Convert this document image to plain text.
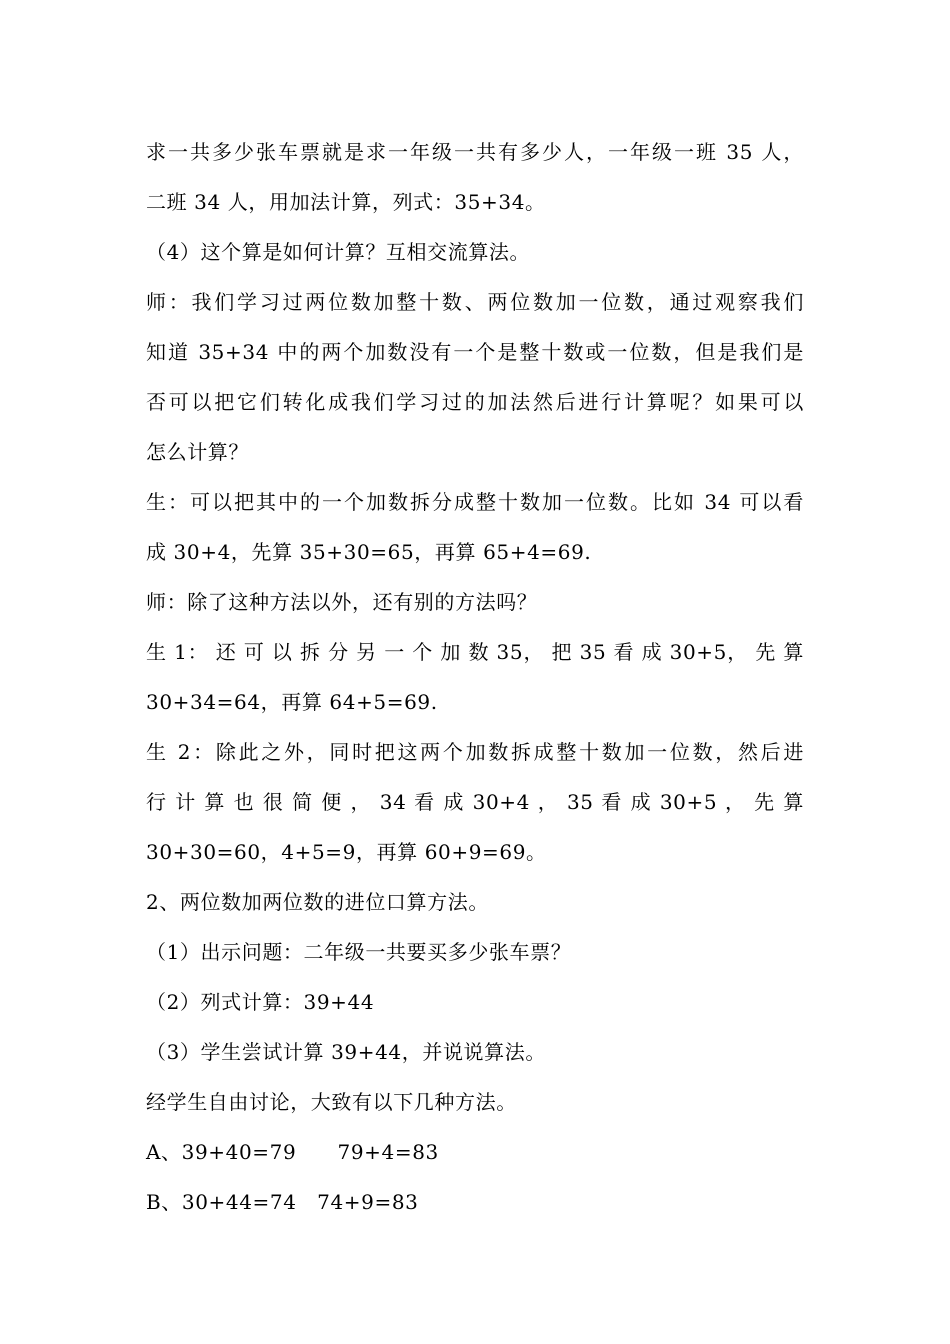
求一共多少张车票就是求一年级一共有多少人，一年级一班 35 人，
二班 34 人，用加法计算，列式：35+34。
（4）这个算是如何计算？互相交流算法。
师：我们学习过两位数加整十数、两位数加一位数，通过观察我们
知道 35+34 中的两个加数没有一个是整十数或一位数，但是我们是
否可以把它们转化成我们学习过的加法然后进行计算呢？如果可以
怎么计算？
生：可以把其中的一个加数拆分成整十数加一位数。比如 34 可以看
成 30+4，先算 35+30=65，再算 65+4=69.
师：除了这种方法以外，还有别的方法吗？
生 1： 还 可 以 拆 分 另 一 个 加 数 35， 把 35 看 成 30+5， 先 算
30+34=64，再算 64+5=69.
生 2：除此之外，同时把这两个加数拆成整十数加一位数，然后进
行 计 算 也 很 简 便 ， 34 看 成 30+4 ， 35 看 成 30+5 ， 先 算
30+30=60，4+5=9，再算 60+9=69。
2、两位数加两位数的进位口算方法。
（1）出示问题：二年级一共要买多少张车票？
（2）列式计算：39+44
（3）学生尝试计算 39+44，并说说算法。
经学生自由讨论，大致有以下几种方法。
A、39+40=79　　79+4=83
B、30+44=74　74+9=83
